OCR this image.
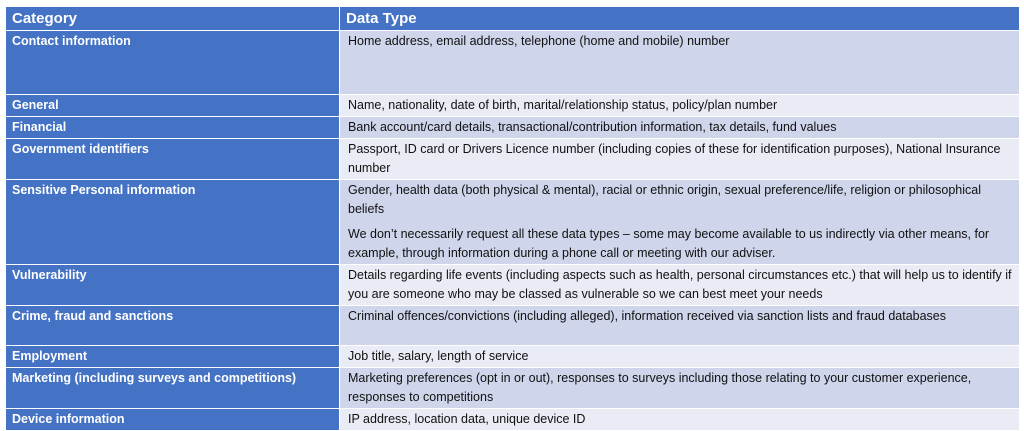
Category	Data Type
Contact information	Home address, email address, telephone (home and mobile) number

General	Name, nationality, date of birth, marital/relationship status, policy/plan number

Financial	Bank account/card details, transactional/contribution information, tax details, fund values

Government identifiers	Passport, ID card or Drivers Licence number (including copies of these for identification purposes), National Insurance number

Sensitive Personal information	Gender, health data (both physical & mental), racial or ethnic origin, sexual preference/life, religion or philosophical beliefs
We don’t necessarily request all these data types – some may become available to us indirectly via other means, for example, through information during a phone call or meeting with our adviser.

Vulnerability	Details regarding life events (including aspects such as health, personal circumstances etc.) that will help us to identify if you are someone who may be classed as vulnerable so we can best meet your needs

Crime, fraud and sanctions	Criminal offences/convictions (including alleged), information received via sanction lists and fraud databases

Employment	Job title, salary, length of service

Marketing (including surveys and competitions)	Marketing preferences (opt in or out), responses to surveys including those relating to your customer experience, responses to competitions

Device information	IP address, location data, unique device ID
